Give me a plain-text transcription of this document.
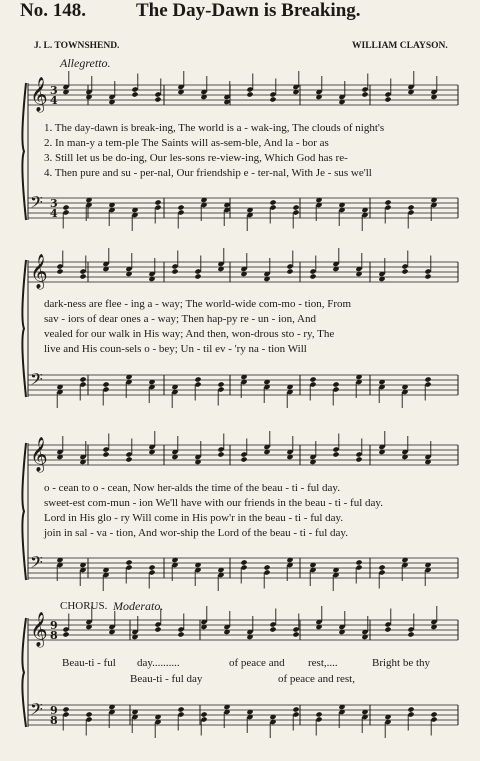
No. 148.	The Day-Dawn is Breaking.
J. L. TOWNSHEND.	WILLIAM CLAYSON.
Allegretto.
𝄞
𝄢
3
4
3
4
𝄞
𝄢
𝄞
𝄢
𝄞
𝄢
9
8
9
8
1. The day-dawn is break-ing, The world is a - wak-ing, The clouds of night's
2. In man-y a tem-ple The Saints will as-sem-ble, And la - bor as
3. Still let us be do-ing, Our les-sons re-view-ing, Which God has re-
4. Then pure and su - per-nal, Our friendship e - ter-nal, With Je - sus we'll
dark-ness are flee - ing a - way; The world-wide com-mo - tion, From
sav - iors of dear ones a - way; Then hap-py re - un - ion, And
vealed for our walk in His way; And then, won-drous sto - ry, The
live and His coun-sels o - bey; Un - til ev - 'ry na - tion Will
o - cean to o - cean, Now her-alds the time of the beau - ti - ful day.
sweet-est com-mun - ion We'll have with our friends in the beau - ti - ful day.
Lord in His glo - ry Will come in His pow'r in the beau - ti - ful day.
join in sal - va - tion, And wor-ship the Lord of the beau - ti - ful day.
CHORUS. Moderato.
Beau-ti - ful day..........	of peace and rest,....	Bright be thy
Beau-ti - ful day	of peace and rest,
